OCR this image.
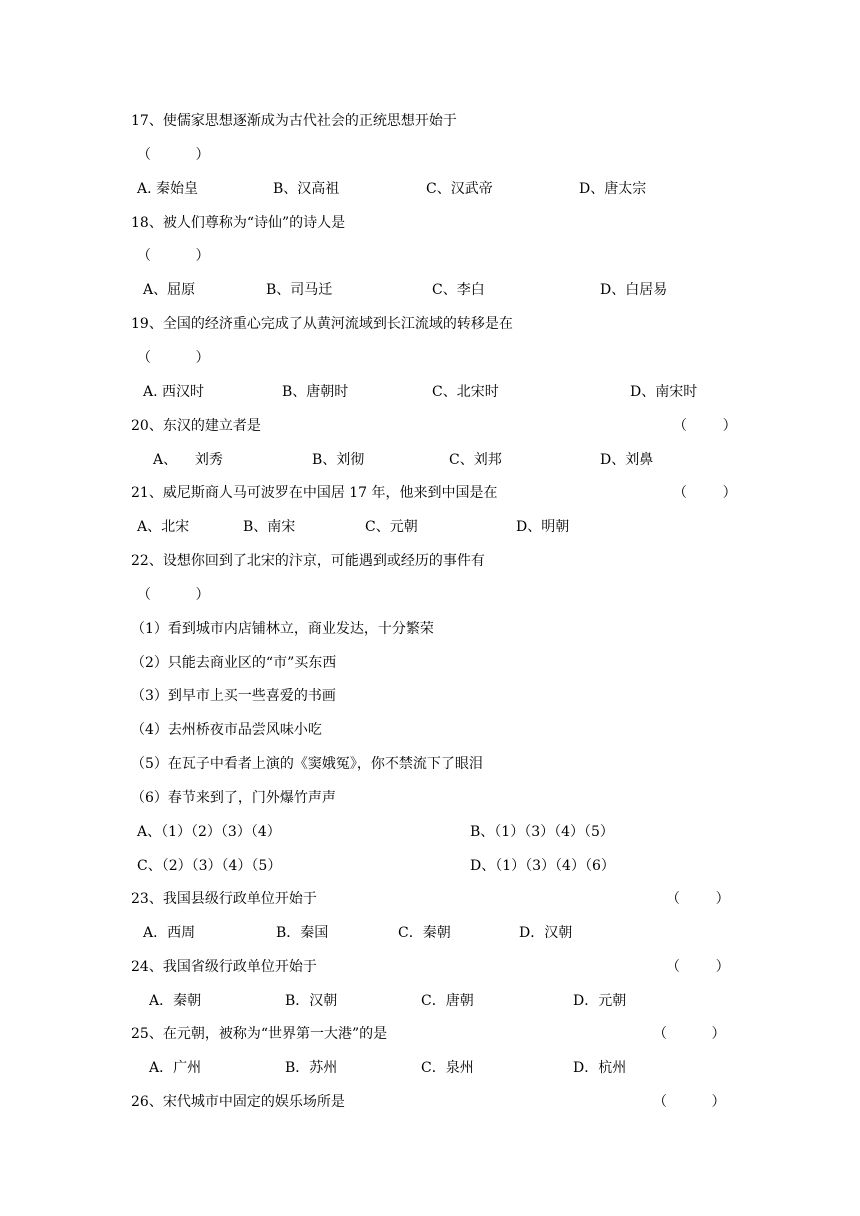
17、使儒家思想逐渐成为古代社会的正统思想开始于
（          ）
A. 秦始皇	B、汉高祖	C、汉武帝	D、唐太宗
18、被人们尊称为“诗仙”的诗人是
（          ）
A、屈原	B、司马迁	C、李白	D、白居易
19、全国的经济重心完成了从黄河流域到长江流域的转移是在
（          ）
A. 西汉时	B、唐朝时	C、北宋时	D、南宋时
20、东汉的建立者是	（        ）
A、    刘秀	B、刘彻	C、刘邦	D、刘鼻
21、威尼斯商人马可波罗在中国居 17 年，他来到中国是在	（        ）
A、北宋	B、南宋	C、元朝	D、明朝
22、设想你回到了北宋的汴京，可能遇到或经历的事件有
（          ）
（1）看到城市内店铺林立，商业发达，十分繁荣
（2）只能去商业区的“市”买东西
（3）到早市上买一些喜爱的书画
（4）去州桥夜市品尝风味小吃
（5）在瓦子中看者上演的《窦娥冤》，你不禁流下了眼泪
（6）春节来到了，门外爆竹声声
A、（1）（2）（3）（4）	B、（1）（3）（4）（5）
C、（2）（3）（4）（5）	D、（1）（3）（4）（6）
23、我国县级行政单位开始于	（        ）
A．西周	B．秦国	C．秦朝	D．汉朝
24、我国省级行政单位开始于	（        ）
A．秦朝	B．汉朝	C．唐朝	D．元朝
25、在元朝，被称为“世界第一大港”的是	（          ）
A．广州	B．苏州	C．泉州	D．杭州
26、宋代城市中固定的娱乐场所是	（          ）
